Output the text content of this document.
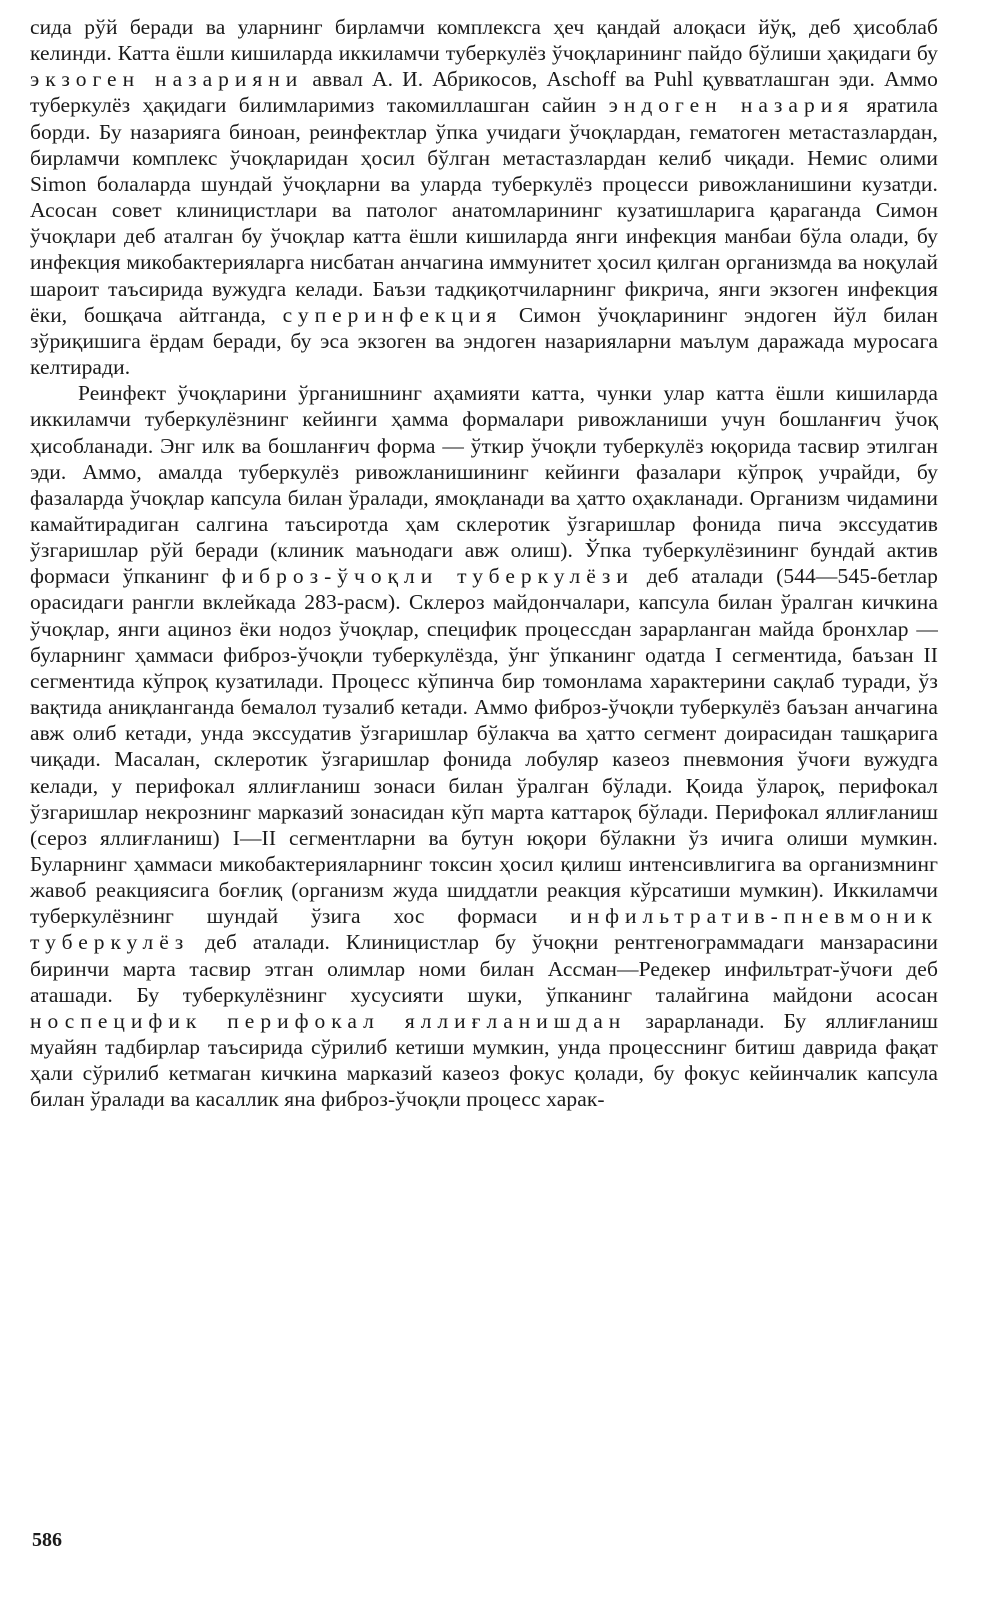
сида рўй беради ва уларнинг бирламчи комплексга ҳеч қандай алоқаси йўқ, деб ҳисоблаб келинди. Катта ёшли кишиларда иккиламчи туберкулёз ўчоқларининг пайдо бўлиши ҳақидаги бу экзоген назарияни аввал А. И. Абрикосов, Aschoff ва Puhl қувватлашган эди. Аммо туберкулёз ҳақидаги билимларимиз такомиллашган сайин эндоген назария яратила борди. Бу назарияга биноан, реинфектлар ўпка учидаги ўчоқлардан, гематоген метастазлардан, бирламчи комплекс ўчоқларидан ҳосил бўлган метастазлардан келиб чиқади. Немис олими Simon болаларда шундай ўчоқларни ва уларда туберкулёз процесси ривожланишини кузатди. Асосан совет клиницистлари ва патолог анатомларининг кузатишларига қараганда Симон ўчоқлари деб аталган бу ўчоқлар катта ёшли кишиларда янги инфекция манбаи бўла олади, бу инфекция микобактерияларга нисбатан анчагина иммунитет ҳосил қилган организмда ва ноқулай шароит таъсирида вужудга келади. Баъзи тадқиқотчиларнинг фикрича, янги экзоген инфекция ёки, бошқача айтганда, суперинфекция Симон ўчоқларининг эндоген йўл билан зўриқишига ёрдам беради, бу эса экзоген ва эндоген назарияларни маълум даражада муросага келтиради.

Реинфект ўчоқларини ўрганишнинг аҳамияти катта, чунки улар катта ёшли кишиларда иккиламчи туберкулёзнинг кейинги ҳамма формалари ривожланиши учун бошланғич ўчоқ ҳисобланади. Энг илк ва бошланғич форма — ўткир ўчоқли туберкулёз юқорида тасвир этилган эди. Аммо, амалда туберкулёз ривожланишининг кейинги фазалари кўпроқ учрайди, бу фазаларда ўчоқлар капсула билан ўралади, ямоқланади ва ҳатто оҳакланади. Организм чидамини камайтирадиган салгина таъсиротда ҳам склеротик ўзгаришлар фонида пича экссудатив ўзгаришлар рўй беради (клиник маънодаги авж олиш). Ўпка туберкулёзининг бундай актив формаси ўпканинг фиброз-ўчоқли туберкулёзи деб аталади (544—545-бетлар орасидаги рангли вклейкада 283-расм). Склероз майдончалари, капсула билан ўралган кичкина ўчоқлар, янги ациноз ёки нодоз ўчоқлар, специфик процессдан зарарланган майда бронхлар — буларнинг ҳаммаси фиброз-ўчоқли туберкулёзда, ўнг ўпканинг одатда I сегментида, баъзан II сегментида кўпроқ кузатилади. Процесс кўпинча бир томонлама характерини сақлаб туради, ўз вақтида аниқланганда бемалол тузалиб кетади. Аммо фиброз-ўчоқли туберкулёз баъзан анчагина авж олиб кетади, унда экссудатив ўзгаришлар бўлакча ва ҳатто сегмент доирасидан ташқарига чиқади. Масалан, склеротик ўзгаришлар фонида лобуляр казеоз пневмония ўчоғи вужудга келади, у перифокал яллиғланиш зонаси билан ўралган бўлади. Қоида ўлароқ, перифокал ўзгаришлар некрознинг марказий зонасидан кўп марта каттароқ бўлади. Перифокал яллиғланиш (сероз яллиғланиш) I—II сегментларни ва бутун юқори бўлакни ўз ичига олиши мумкин. Буларнинг ҳаммаси микобактерияларнинг токсин ҳосил қилиш интенсивлигига ва организмнинг жавоб реакциясига боғлиқ (организм жуда шиддатли реакция кўрсатиши мумкин). Иккиламчи туберкулёзнинг шундай ўзига хос формаси инфильтратив-пневмоник туберкулёз деб аталади. Клиницистлар бу ўчоқни рентгенограммадаги манзарасини биринчи марта тасвир этган олимлар номи билан Ассман—Редекер инфильтрат-ўчоғи деб аташади. Бу туберкулёзнинг хусусияти шуки, ўпканинг талайгина майдони асосан носпецифик перифокал яллиғланишдан зарарланади. Бу яллиғланиш муайян тадбирлар таъсирида сўрилиб кетиши мумкин, унда процесснинг битиш даврида фақат ҳали сўрилиб кетмаган кичкина марказий казеоз фокус қолади, бу фокус кейинчалик капсула билан ўралади ва касаллик яна фиброз-ўчоқли процесс харак-

586
